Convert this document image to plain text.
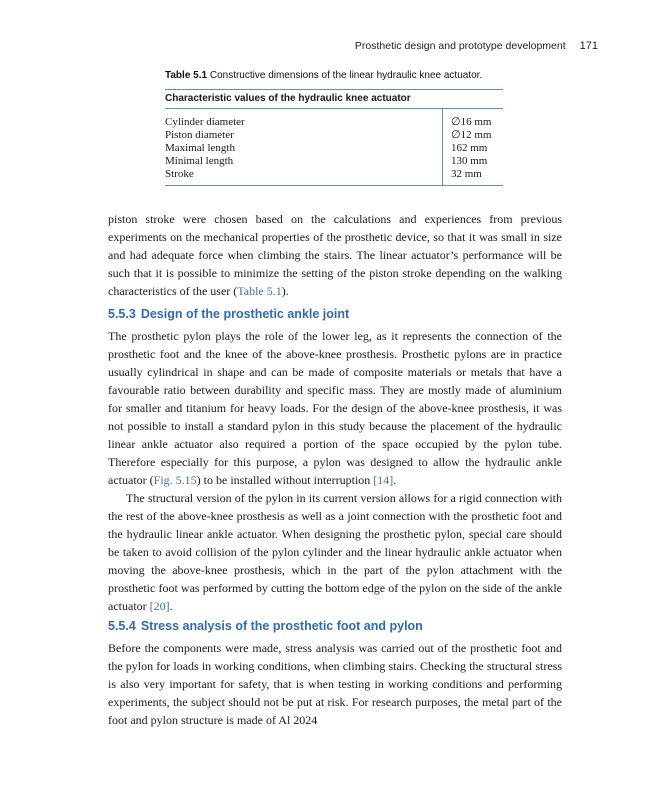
Prosthetic design and prototype development 171
Table 5.1 Constructive dimensions of the linear hydraulic knee actuator.
Characteristic values of the hydraulic knee actuator	
Cylinder diameter	∅16 mm
Piston diameter	∅12 mm
Maximal length	162 mm
Minimal length	130 mm
Stroke	32 mm

piston stroke were chosen based on the calculations and experiences from previous experiments on the mechanical properties of the prosthetic device, so that it was small in size and had adequate force when climbing the stairs. The linear actuator’s performance will be such that it is possible to minimize the setting of the piston stroke depending on the walking characteristics of the user (Table 5.1).

5.5.3 Design of the prosthetic ankle joint

The prosthetic pylon plays the role of the lower leg, as it represents the connection of the prosthetic foot and the knee of the above-knee prosthesis. Prosthetic pylons are in practice usually cylindrical in shape and can be made of composite materials or metals that have a favourable ratio between durability and specific mass. They are mostly made of aluminium for smaller and titanium for heavy loads. For the design of the above-knee prosthesis, it was not possible to install a standard pylon in this study because the placement of the hydraulic linear ankle actuator also required a portion of the space occupied by the pylon tube. Therefore especially for this purpose, a pylon was designed to allow the hydraulic ankle actuator (Fig. 5.15) to be installed without interruption [14].

The structural version of the pylon in its current version allows for a rigid connection with the rest of the above-knee prosthesis as well as a joint connection with the prosthetic foot and the hydraulic linear ankle actuator. When designing the prosthetic pylon, special care should be taken to avoid collision of the pylon cylinder and the linear hydraulic ankle actuator when moving the above-knee prosthesis, which in the part of the pylon attachment with the prosthetic foot was performed by cutting the bottom edge of the pylon on the side of the ankle actuator [20].

5.5.4 Stress analysis of the prosthetic foot and pylon

Before the components were made, stress analysis was carried out of the prosthetic foot and the pylon for loads in working conditions, when climbing stairs. Checking the structural stress is also very important for safety, that is when testing in working conditions and performing experiments, the subject should not be put at risk. For research purposes, the metal part of the foot and pylon structure is made of Al 2024
